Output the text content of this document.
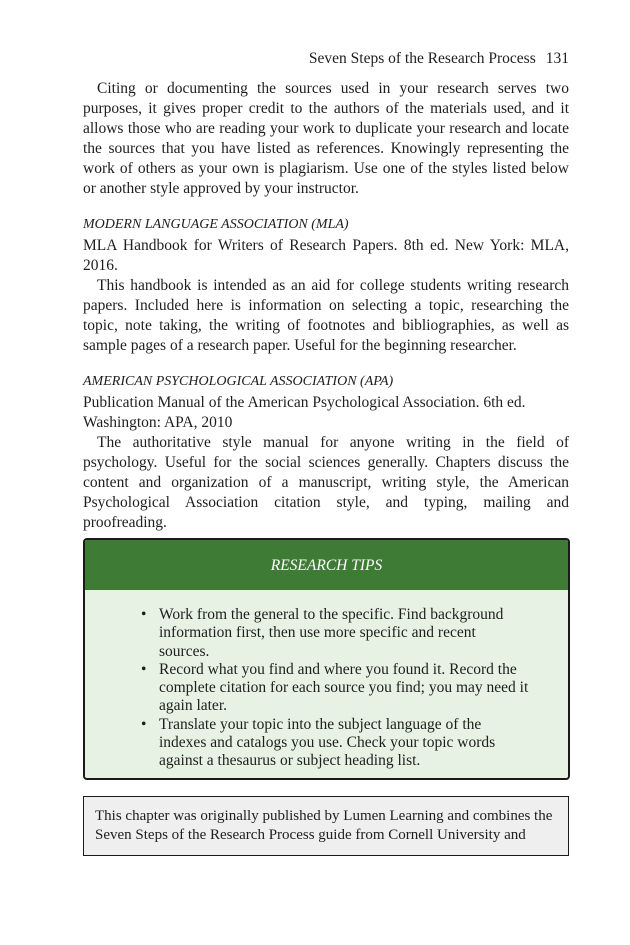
Seven Steps of the Research Process 131

Citing or documenting the sources used in your research serves two purposes, it gives proper credit to the authors of the materials used, and it allows those who are reading your work to duplicate your research and locate the sources that you have listed as references. Knowingly representing the work of others as your own is plagiarism. Use one of the styles listed below or another style approved by your instructor.

MODERN LANGUAGE ASSOCIATION (MLA)

MLA Handbook for Writers of Research Papers. 8th ed. New York: MLA, 2016.

This handbook is intended as an aid for college students writing research papers. Included here is information on selecting a topic, researching the topic, note taking, the writing of footnotes and bibliographies, as well as sample pages of a research paper. Useful for the beginning researcher.

AMERICAN PSYCHOLOGICAL ASSOCIATION (APA)

Publication Manual of the American Psychological Association. 6th ed. Washington: APA, 2010

The authoritative style manual for anyone writing in the field of psychology. Useful for the social sciences generally. Chapters discuss the content and organization of a manuscript, writing style, the American Psychological Association citation style, and typing, mailing and proofreading.

RESEARCH TIPS
• Work from the general to the specific. Find background information first, then use more specific and recent sources.
• Record what you find and where you found it. Record the complete citation for each source you find; you may need it again later.
• Translate your topic into the subject language of the indexes and catalogs you use. Check your topic words against a thesaurus or subject heading list.

This chapter was originally published by Lumen Learning and combines the Seven Steps of the Research Process guide from Cornell University and
